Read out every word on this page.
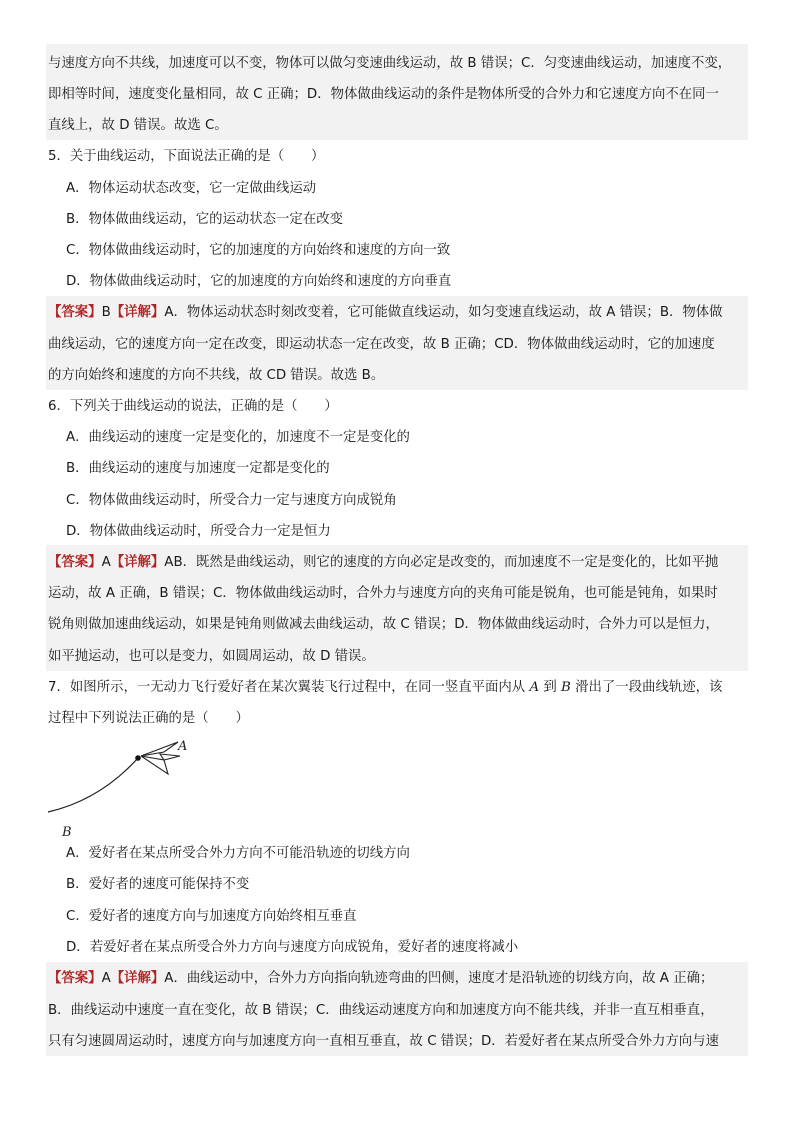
与速度方向不共线，加速度可以不变，物体可以做匀变速曲线运动，故 B 错误；C．匀变速曲线运动，加速度不变，
即相等时间，速度变化量相同，故 C 正确；D．物体做曲线运动的条件是物体所受的合外力和它速度方向不在同一
直线上，故 D 错误。故选 C。
5．关于曲线运动，下面说法正确的是（　　）
A．物体运动状态改变，它一定做曲线运动
B．物体做曲线运动，它的运动状态一定在改变
C．物体做曲线运动时，它的加速度的方向始终和速度的方向一致
D．物体做曲线运动时，它的加速度的方向始终和速度的方向垂直
【答案】B【详解】A．物体运动状态时刻改变着，它可能做直线运动，如匀变速直线运动，故 A 错误；B．物体做
曲线运动，它的速度方向一定在改变，即运动状态一定在改变，故 B 正确；CD．物体做曲线运动时，它的加速度
的方向始终和速度的方向不共线，故 CD 错误。故选 B。
6．下列关于曲线运动的说法，正确的是（　　）
A．曲线运动的速度一定是变化的，加速度不一定是变化的
B．曲线运动的速度与加速度一定都是变化的
C．物体做曲线运动时，所受合力一定与速度方向成锐角
D．物体做曲线运动时，所受合力一定是恒力
【答案】A【详解】AB．既然是曲线运动，则它的速度的方向必定是改变的，而加速度不一定是变化的，比如平抛
运动，故 A 正确，B 错误；C．物体做曲线运动时，合外力与速度方向的夹角可能是锐角，也可能是钝角，如果时
锐角则做加速曲线运动，如果是钝角则做减去曲线运动，故 C 错误；D．物体做曲线运动时，合外力可以是恒力，
如平抛运动，也可以是变力，如圆周运动，故 D 错误。
7．如图所示，一无动力飞行爱好者在某次翼装飞行过程中，在同一竖直平面内从 A 到 B 滑出了一段曲线轨迹，该
过程中下列说法正确的是（　　）
A
B
A．爱好者在某点所受合外力方向不可能沿轨迹的切线方向
B．爱好者的速度可能保持不变
C．爱好者的速度方向与加速度方向始终相互垂直
D．若爱好者在某点所受合外力方向与速度方向成锐角，爱好者的速度将减小
【答案】A【详解】A．曲线运动中，合外力方向指向轨迹弯曲的凹侧，速度才是沿轨迹的切线方向，故 A 正确；
B．曲线运动中速度一直在变化，故 B 错误；C．曲线运动速度方向和加速度方向不能共线，并非一直互相垂直，
只有匀速圆周运动时，速度方向与加速度方向一直相互垂直，故 C 错误；D．若爱好者在某点所受合外力方向与速
